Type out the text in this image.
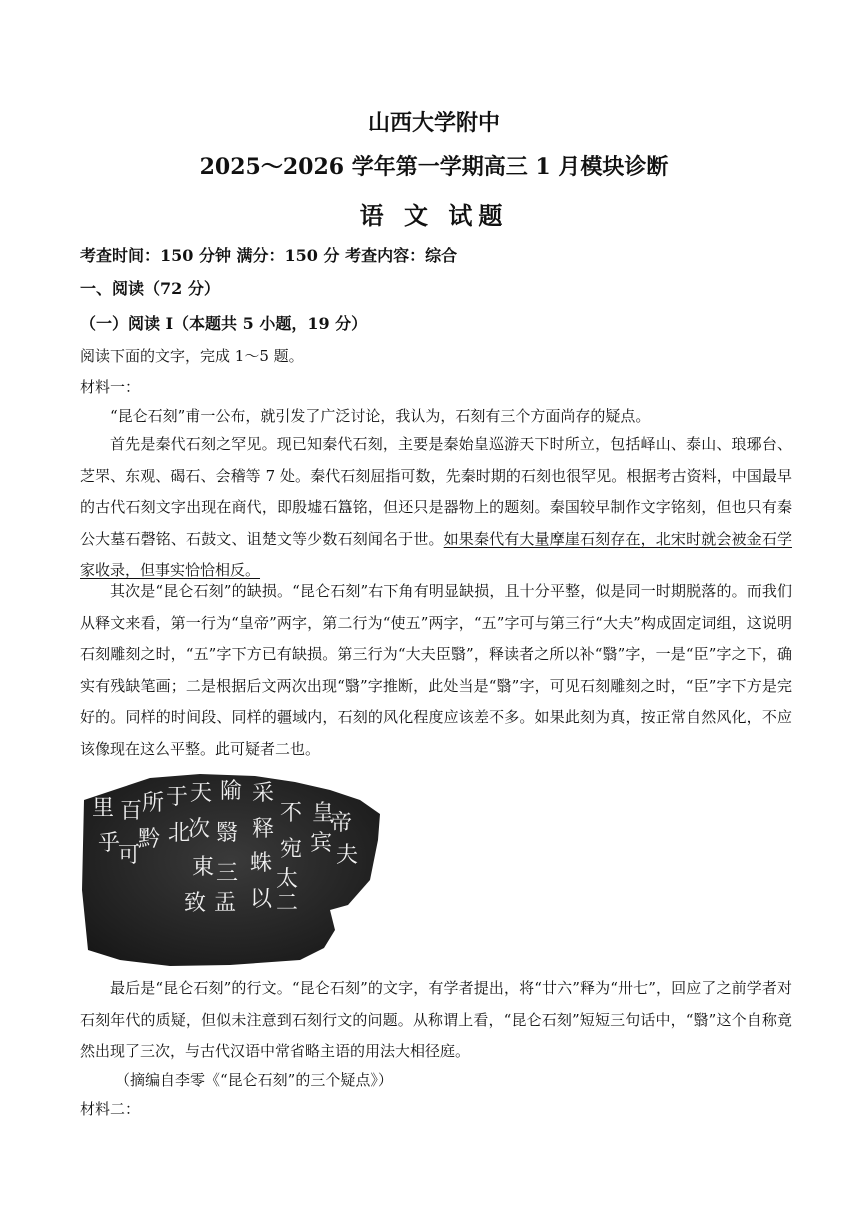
山西大学附中
2025～2026 学年第一学期高三 1 月模块诊断
语 文 试题
考查时间：150 分钟 满分：150 分 考查内容：综合
一、阅读（72 分）
（一）阅读 I（本题共 5 小题，19 分）
阅读下面的文字，完成 1～5 题。
材料一：
“昆仑石刻”甫一公布，就引发了广泛讨论，我认为，石刻有三个方面尚存的疑点。
首先是秦代石刻之罕见。现已知秦代石刻，主要是秦始皇巡游天下时所立，包括峄山、泰山、琅琊台、芝罘、东观、碣石、会稽等 7 处。秦代石刻屈指可数，先秦时期的石刻也很罕见。根据考古资料，中国最早的古代石刻文字出现在商代，即殷墟石簋铭，但还只是器物上的题刻。秦国较早制作文字铭刻，但也只有秦公大墓石磬铭、石鼓文、诅楚文等少数石刻闻名于世。如果秦代有大量摩崖石刻存在，北宋时就会被金石学家收录，但事实恰恰相反。
其次是“昆仑石刻”的缺损。“昆仑石刻”右下角有明显缺损，且十分平整，似是同一时期脱落的。而我们从释文来看，第一行为“皇帝”两字，第二行为“使五”两字，“五”字可与第三行“大夫”构成固定词组，这说明石刻雕刻之时，“五”字下方已有缺损。第三行为“大夫臣翳”，释读者之所以补“翳”字，一是“臣”字之下，确实有残缺笔画；二是根据后文两次出现“翳”字推断，此处当是“翳”字，可见石刻雕刻之时，“臣”字下方是完好的。同样的时间段、同样的疆域内，石刻的风化程度应该差不多。如果此刻为真，按正常自然风化，不应该像现在这么平整。此可疑者二也。
里
乎
可
百 所
黔
于
北
天
次
東
致
隃
翳
三
盂
采
释
蛛
以
不
宛
太
二
皇
宾
帝
夫
最后是“昆仑石刻”的行文。“昆仑石刻”的文字，有学者提出，将“廿六”释为“卅七”，回应了之前学者对石刻年代的质疑，但似未注意到石刻行文的问题。从称谓上看，“昆仑石刻”短短三句话中，“翳”这个自称竟然出现了三次，与古代汉语中常省略主语的用法大相径庭。
（摘编自李零《“昆仑石刻”的三个疑点》）
材料二：
